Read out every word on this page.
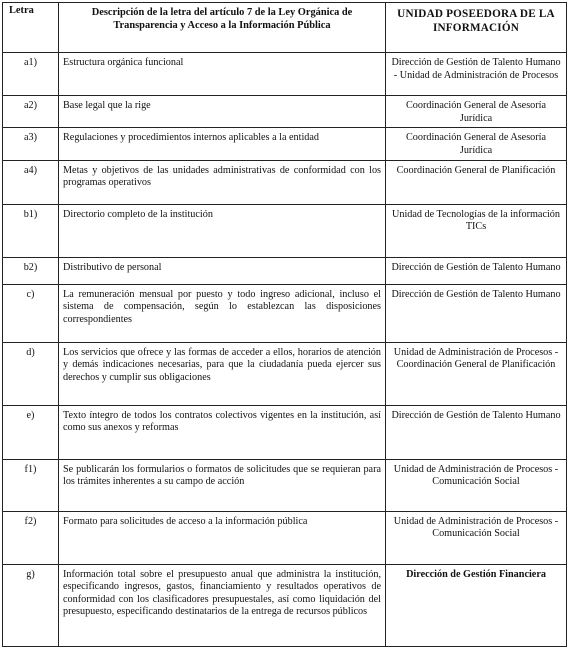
Letra	Descripción de la letra del artículo 7 de la Ley Orgánica de Transparencia y Acceso a la Información Pública	UNIDAD POSEEDORA DE LA INFORMACIÓN
a1)	Estructura orgánica funcional	Dirección de Gestión de Talento Humano - Unidad de Administración de Procesos
a2)	Base legal que la rige	Coordinación General de Asesoría Jurídica
a3)	Regulaciones y procedimientos internos aplicables a la entidad	Coordinación General de Asesoría Jurídica
a4)	Metas y objetivos de las unidades administrativas de conformidad con los programas operativos	Coordinación General de Planificación
b1)	Directorio completo de la institución	Unidad de Tecnologías de la información TICs
b2)	Distributivo de personal	Dirección de Gestión de Talento Humano
c)	La remuneración mensual por puesto y todo ingreso adicional, incluso el sistema de compensación, según lo establezcan las disposiciones correspondientes	Dirección de Gestión de Talento Humano
d)	Los servicios que ofrece y las formas de acceder a ellos, horarios de atención y demás indicaciones necesarias, para que la ciudadanía pueda ejercer sus derechos y cumplir sus obligaciones	Unidad de Administración de Procesos - Coordinación General de Planificación
e)	Texto íntegro de todos los contratos colectivos vigentes en la institución, así como sus anexos y reformas	Dirección de Gestión de Talento Humano
f1)	Se publicarán los formularios o formatos de solicitudes que se requieran para los trámites inherentes a su campo de acción	Unidad de Administración de Procesos - Comunicación Social
f2)	Formato para solicitudes de acceso a la información pública	Unidad de Administración de Procesos - Comunicación Social
g)	Información total sobre el presupuesto anual que administra la institución, especificando ingresos, gastos, financiamiento y resultados operativos de conformidad con los clasificadores presupuestales, así como liquidación del presupuesto, especificando destinatarios de la entrega de recursos públicos	Dirección de Gestión Financiera
